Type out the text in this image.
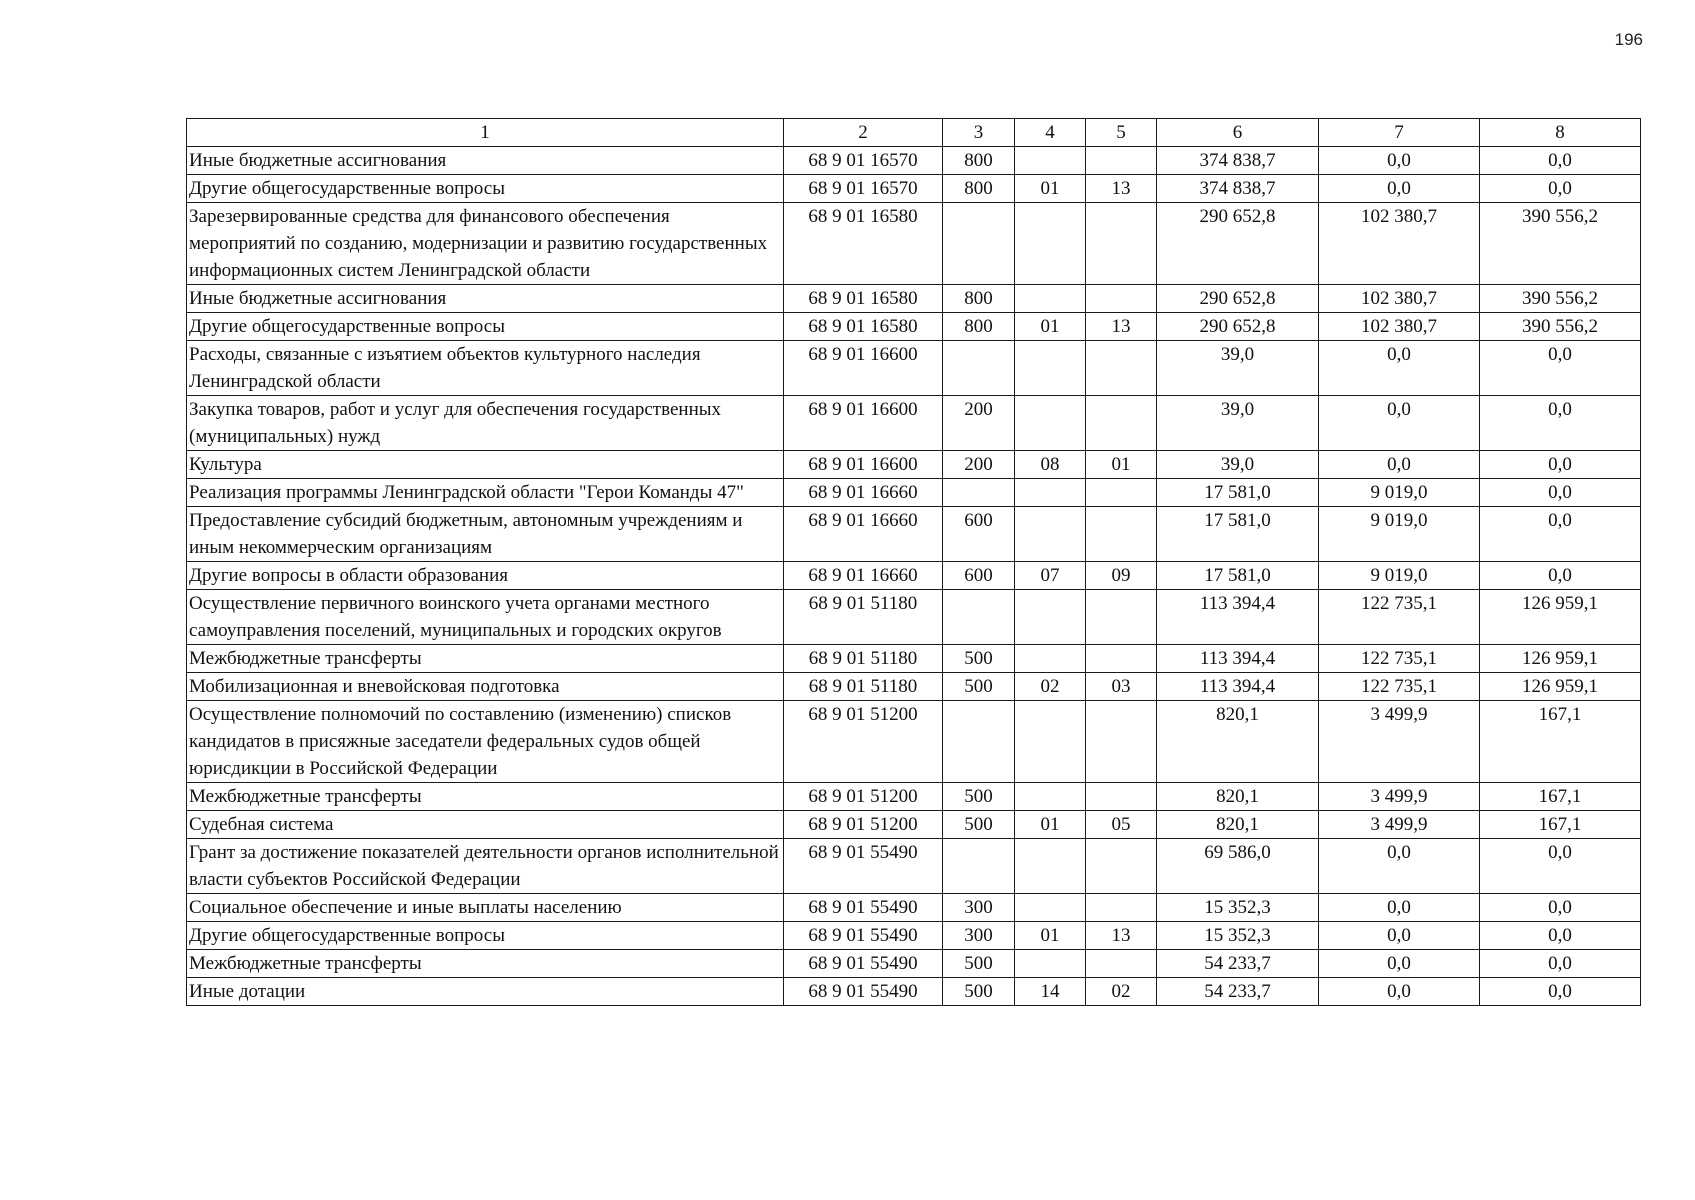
196
1	2	3	4	5	6	7	8
Иные бюджетные ассигнования	68 9 01 16570	800			374 838,7	0,0	0,0
Другие общегосударственные вопросы	68 9 01 16570	800	01	13	374 838,7	0,0	0,0
Зарезервированные средства для финансового обеспечения мероприятий по созданию, модернизации и развитию государственных информационных систем Ленинградской области	68 9 01 16580				290 652,8	102 380,7	390 556,2
Иные бюджетные ассигнования	68 9 01 16580	800			290 652,8	102 380,7	390 556,2
Другие общегосударственные вопросы	68 9 01 16580	800	01	13	290 652,8	102 380,7	390 556,2
Расходы, связанные с изъятием объектов культурного наследия Ленинградской области	68 9 01 16600				39,0	0,0	0,0
Закупка товаров, работ и услуг для обеспечения государственных (муниципальных) нужд	68 9 01 16600	200			39,0	0,0	0,0
Культура	68 9 01 16600	200	08	01	39,0	0,0	0,0
Реализация программы Ленинградской области "Герои Команды 47"	68 9 01 16660				17 581,0	9 019,0	0,0
Предоставление субсидий бюджетным, автономным учреждениям и иным некоммерческим организациям	68 9 01 16660	600			17 581,0	9 019,0	0,0
Другие вопросы в области образования	68 9 01 16660	600	07	09	17 581,0	9 019,0	0,0
Осуществление первичного воинского учета органами местного самоуправления поселений, муниципальных и городских округов	68 9 01 51180				113 394,4	122 735,1	126 959,1
Межбюджетные трансферты	68 9 01 51180	500			113 394,4	122 735,1	126 959,1
Мобилизационная и вневойсковая подготовка	68 9 01 51180	500	02	03	113 394,4	122 735,1	126 959,1
Осуществление полномочий по составлению (изменению) списков кандидатов в присяжные заседатели федеральных судов общей юрисдикции в Российской Федерации	68 9 01 51200				820,1	3 499,9	167,1
Межбюджетные трансферты	68 9 01 51200	500			820,1	3 499,9	167,1
Судебная система	68 9 01 51200	500	01	05	820,1	3 499,9	167,1
Грант за достижение показателей деятельности органов исполнительной власти субъектов Российской Федерации	68 9 01 55490				69 586,0	0,0	0,0
Социальное обеспечение и иные выплаты населению	68 9 01 55490	300			15 352,3	0,0	0,0
Другие общегосударственные вопросы	68 9 01 55490	300	01	13	15 352,3	0,0	0,0
Межбюджетные трансферты	68 9 01 55490	500			54 233,7	0,0	0,0
Иные дотации	68 9 01 55490	500	14	02	54 233,7	0,0	0,0
